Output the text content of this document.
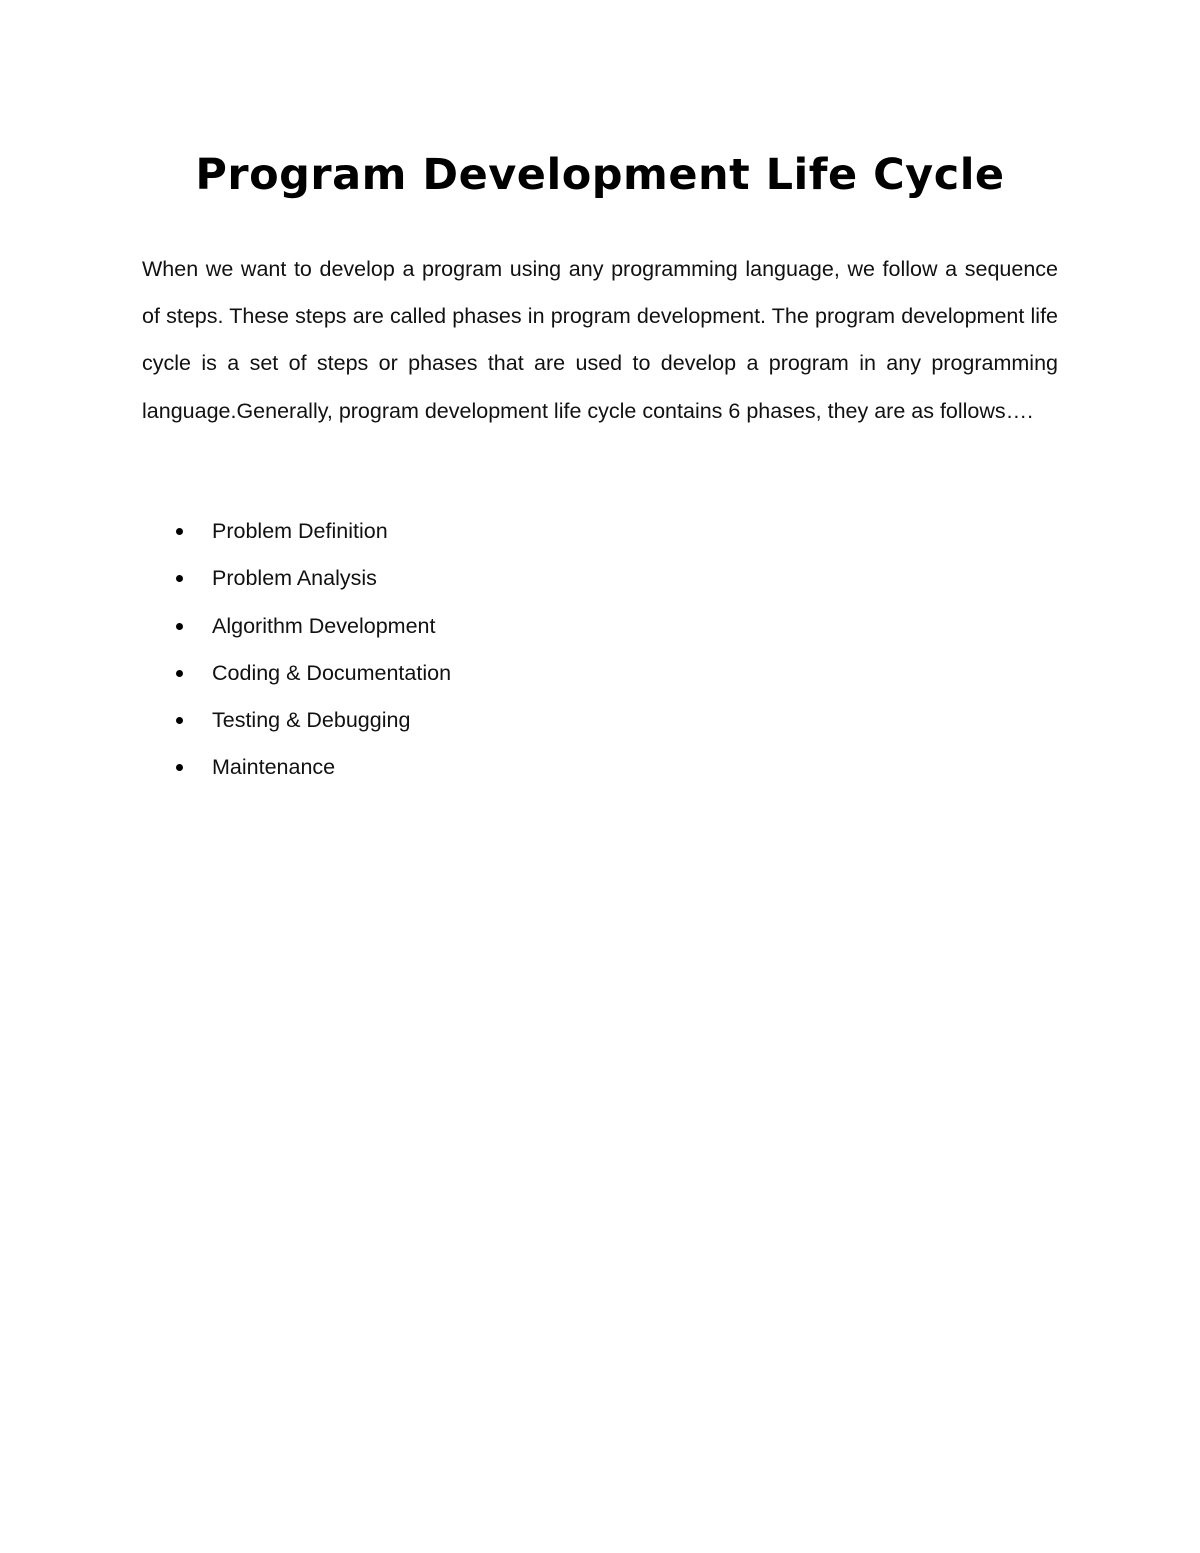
Program Development Life Cycle

When we want to develop a program using any programming language, we follow a sequence of steps. These steps are called phases in program development. The program development life cycle is a set of steps or phases that are used to develop a program in any programming language.Generally, program development life cycle contains 6 phases, they are as follows….

Problem Definition
Problem Analysis
Algorithm Development
Coding & Documentation
Testing & Debugging
Maintenance
